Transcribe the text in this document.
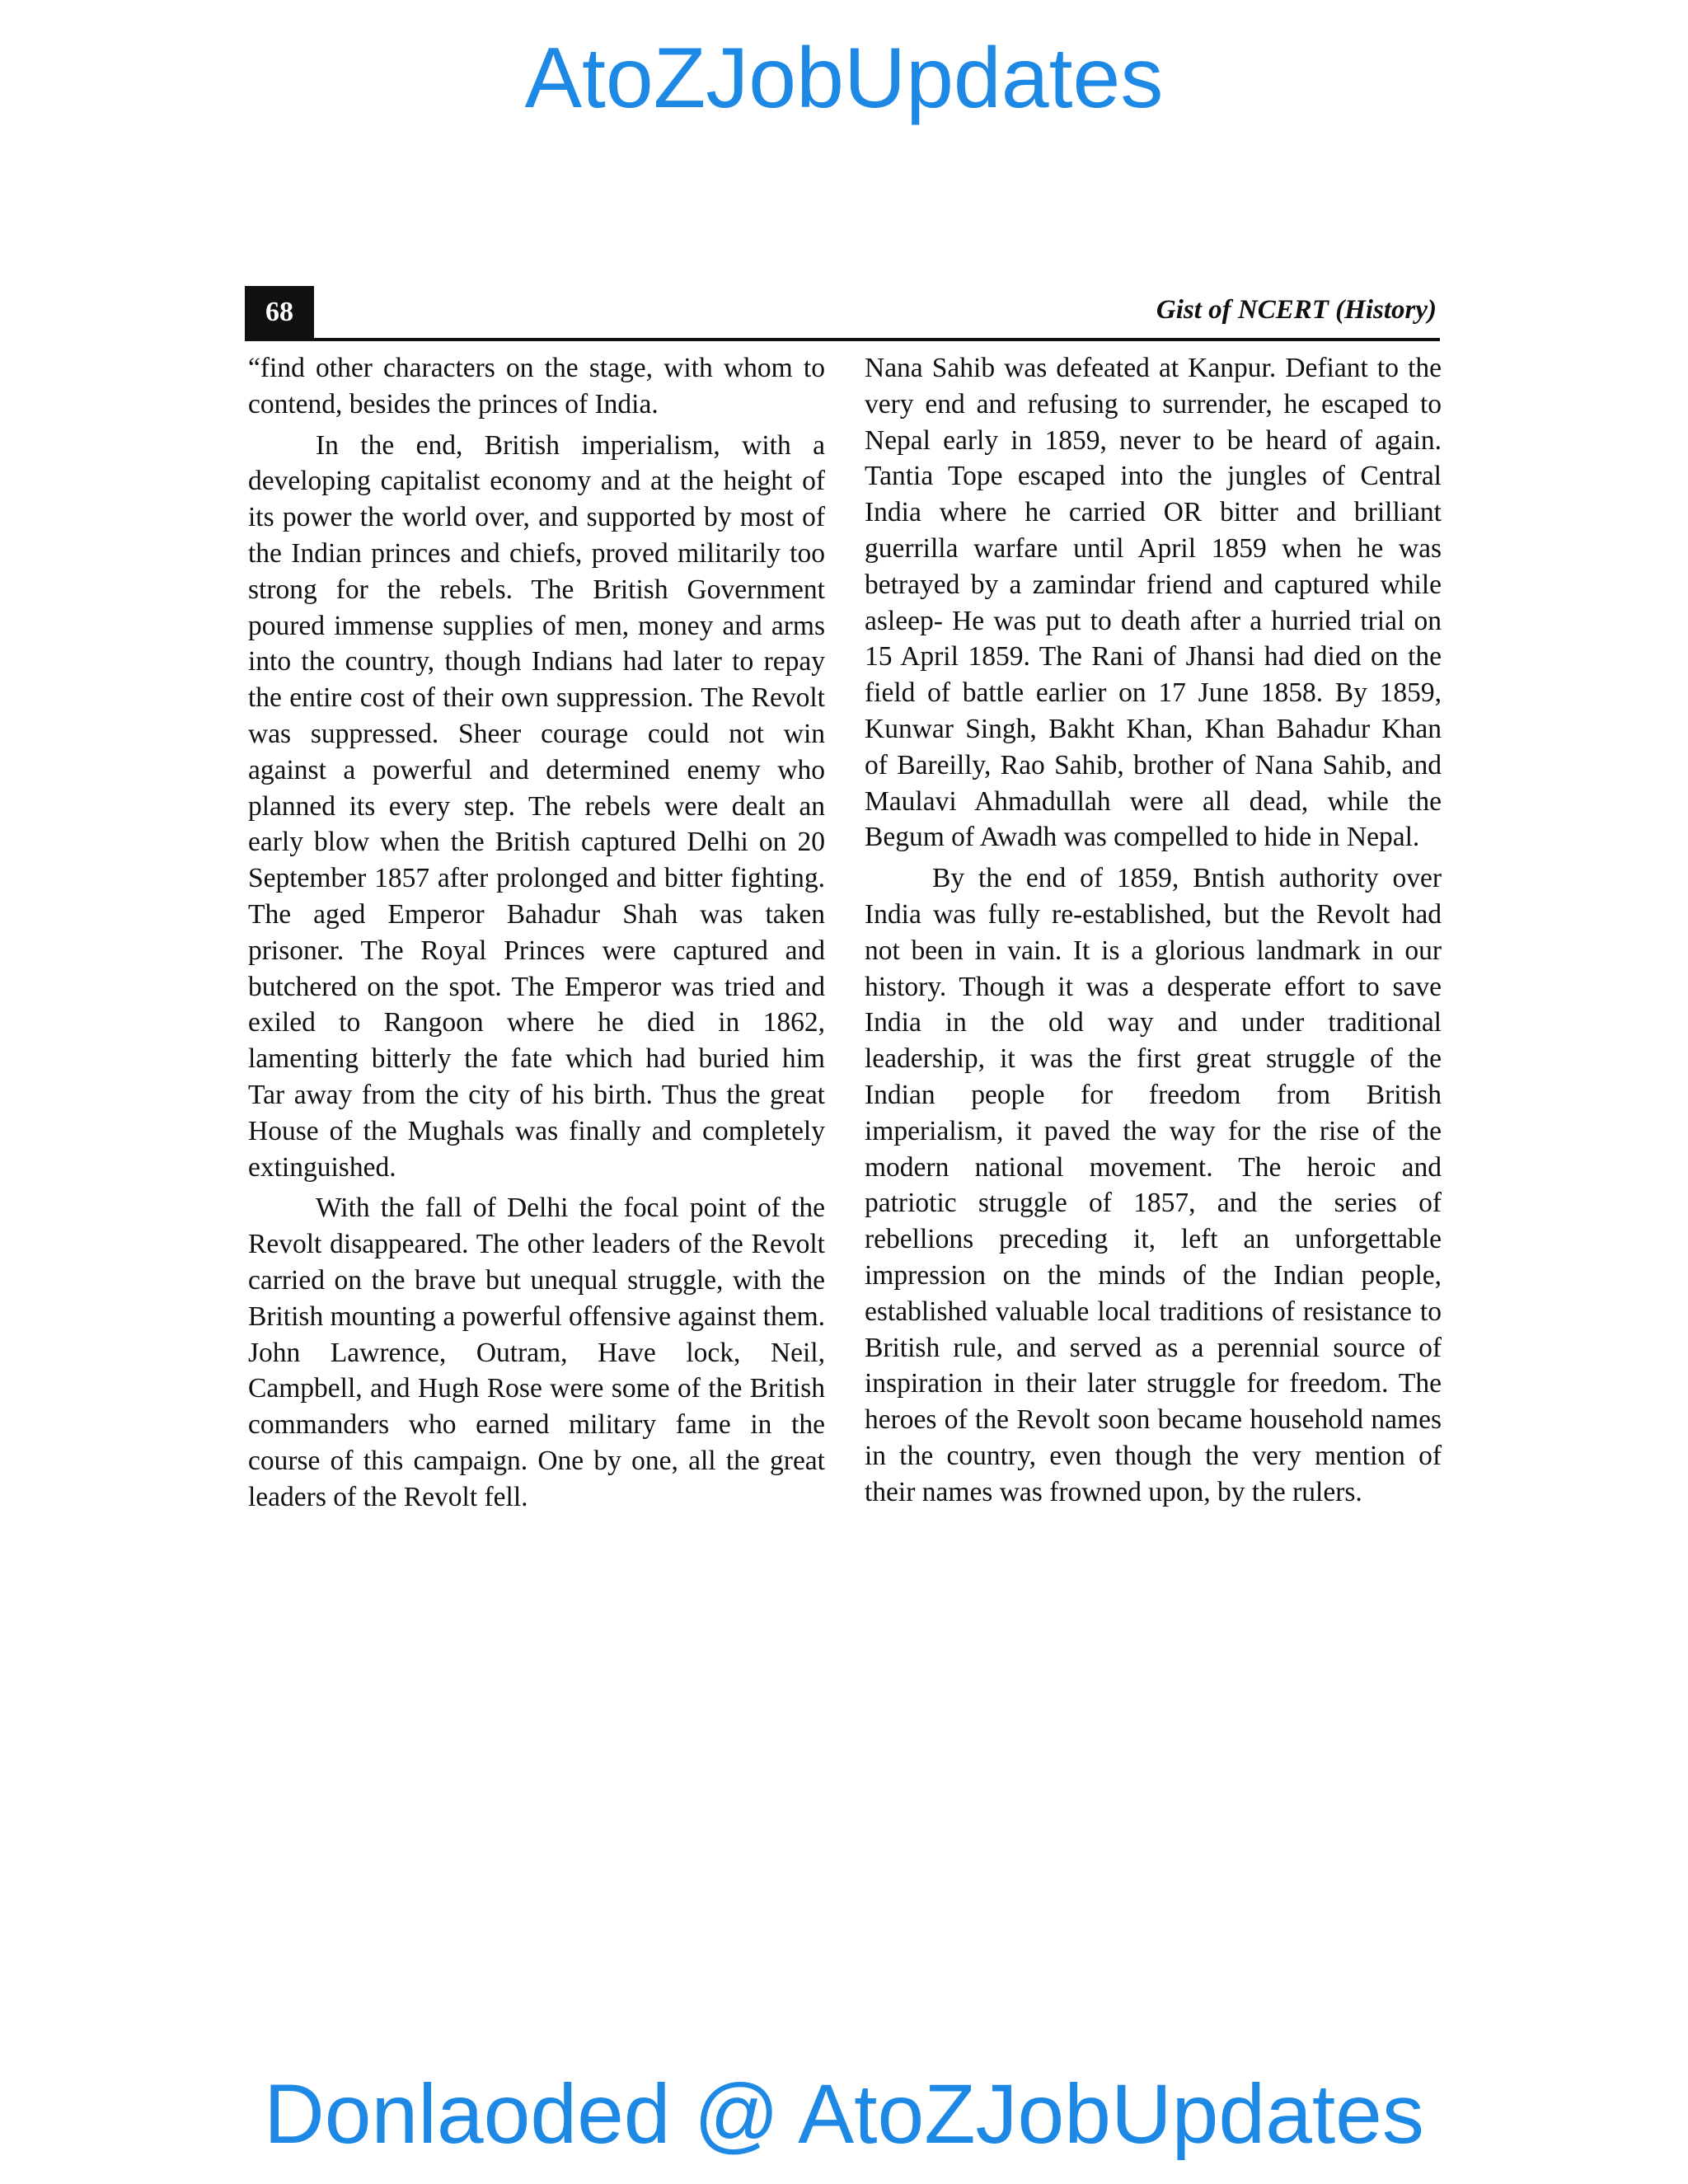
AtoZJobUpdates
68	Gist of NCERT (History)

“find other characters on the stage, with whom to contend, besides the princes of India.

In the end, British imperialism, with a developing capitalist economy and at the height of its power the world over, and supported by most of the Indian princes and chiefs, proved militarily too strong for the rebels. The British Government poured immense supplies of men, money and arms into the country, though Indians had later to repay the entire cost of their own suppression. The Revolt was suppressed. Sheer courage could not win against a powerful and determined enemy who planned its every step. The rebels were dealt an early blow when the British captured Delhi on 20 September 1857 after prolonged and bitter fighting. The aged Emperor Bahadur Shah was taken prisoner. The Royal Princes were captured and butchered on the spot. The Emperor was tried and exiled to Rangoon where he died in 1862, lamenting bitterly the fate which had buried him Tar away from the city of his birth. Thus the great House of the Mughals was finally and completely extinguished.

With the fall of Delhi the focal point of the Revolt disappeared. The other leaders of the Revolt carried on the brave but unequal struggle, with the British mounting a powerful offensive against them. John Lawrence, Outram, Have lock, Neil, Campbell, and Hugh Rose were some of the British commanders who earned military fame in the course of this campaign. One by one, all the great leaders of the Revolt fell.

Nana Sahib was defeated at Kanpur. Defiant to the very end and refusing to surrender, he escaped to Nepal early in 1859, never to be heard of again. Tantia Tope escaped into the jungles of Central India where he carried OR bitter and brilliant guerrilla warfare until April 1859 when he was betrayed by a zamindar friend and captured while asleep- He was put to death after a hurried trial on 15 April 1859. The Rani of Jhansi had died on the field of battle earlier on 17 June 1858. By 1859, Kunwar Singh, Bakht Khan, Khan Bahadur Khan of Bareilly, Rao Sahib, brother of Nana Sahib, and Maulavi Ahmadullah were all dead, while the Begum of Awadh was compelled to hide in Nepal.

By the end of 1859, Bntish authority over India was fully re-established, but the Revolt had not been in vain. It is a glorious landmark in our history. Though it was a desperate effort to save India in the old way and under traditional leadership, it was the first great struggle of the Indian people for freedom from British imperialism, it paved the way for the rise of the modern national movement. The heroic and patriotic struggle of 1857, and the series of rebellions preceding it, left an unforgettable impression on the minds of the Indian people, established valuable local traditions of resistance to British rule, and served as a perennial source of inspiration in their later struggle for freedom. The heroes of the Revolt soon became household names in the country, even though the very mention of their names was frowned upon, by the rulers.

Donlaoded @ AtoZJobUpdates
